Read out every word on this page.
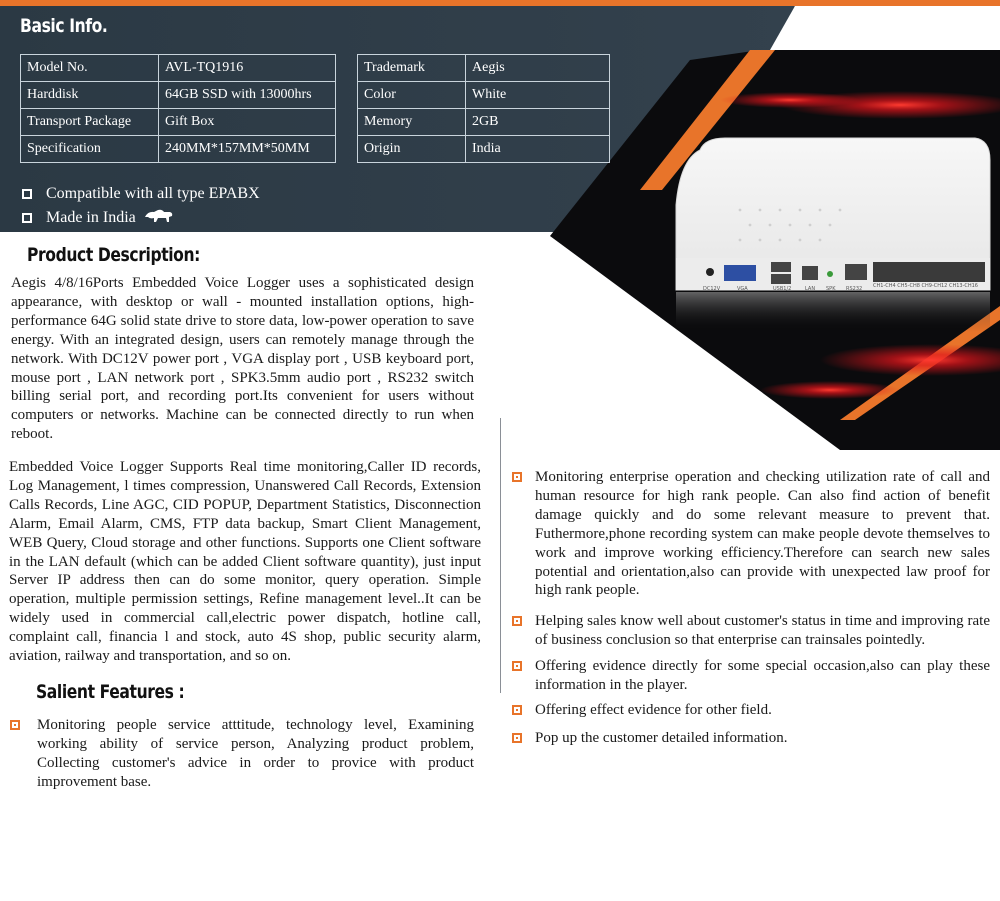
DC12V	VGA	USB1/2	LAN SPK RS232 CH1-CH4 CH5-CH8 CH9-CH12 CH13-CH16
Basic Info.
Model No.	AVL-TQ1916
Harddisk	64GB SSD with 13000hrs
Transport Package	Gift Box
Specification	240MM*157MM*50MM
Trademark	Aegis
Color	White
Memory	2GB
Origin	India
Compatible with all type EPABX
Made in India
Product Description:
Aegis 4/8/16Ports Embedded Voice Logger uses a sophisticated design appearance, with desktop or wall - mounted installation options, high-performance 64G solid state drive to store data, low-power operation to save energy. With an integrated design, users can remotely manage through the network. With DC12V power port , VGA display port , USB keyboard port, mouse port , LAN network port , SPK3.5mm audio port , RS232 switch billing serial port, and recording port.Its convenient for users without computers or networks. Machine can be connected directly to run when reboot.
Embedded Voice Logger Supports Real time monitoring,Caller ID records, Log Management, l times compression, Unanswered Call Records, Extension Calls Records, Line AGC, CID POPUP, Department Statistics, Disconnection Alarm, Email Alarm, CMS, FTP data backup, Smart Client Management, WEB Query, Cloud storage and other functions. Supports one Client software in the LAN default (which can be added Client software quantity), just input Server IP address then can do some monitor, query operation. Simple operation, multiple permission settings, Refine management level..It can be widely used in commercial call,electric power dispatch, hotline call, complaint call, financia l and stock, auto 4S shop, public security alarm, aviation, railway and transportation, and so on.
Salient Features :
Monitoring people service atttitude, technology level, Examining working ability of service person, Analyzing product problem, Collecting customer's advice in order to provice with product improvement base.
Monitoring enterprise operation and checking utilization rate of call and human resource for high rank people. Can also find action of benefit damage quickly and do some relevant measure to prevent that. Futhermore,phone recording system can make people devote themselves to work and improve working efficiency.Therefore can search new sales potential and orientation,also can provide with unexpected law proof for high rank people.
Helping sales know well about customer's status in time and improving rate of business conclusion so that enterprise can trainsales pointedly.
Offering evidence directly for some special occasion,also can play these information in the player.
Offering effect evidence for other field.
Pop up the customer detailed information.
